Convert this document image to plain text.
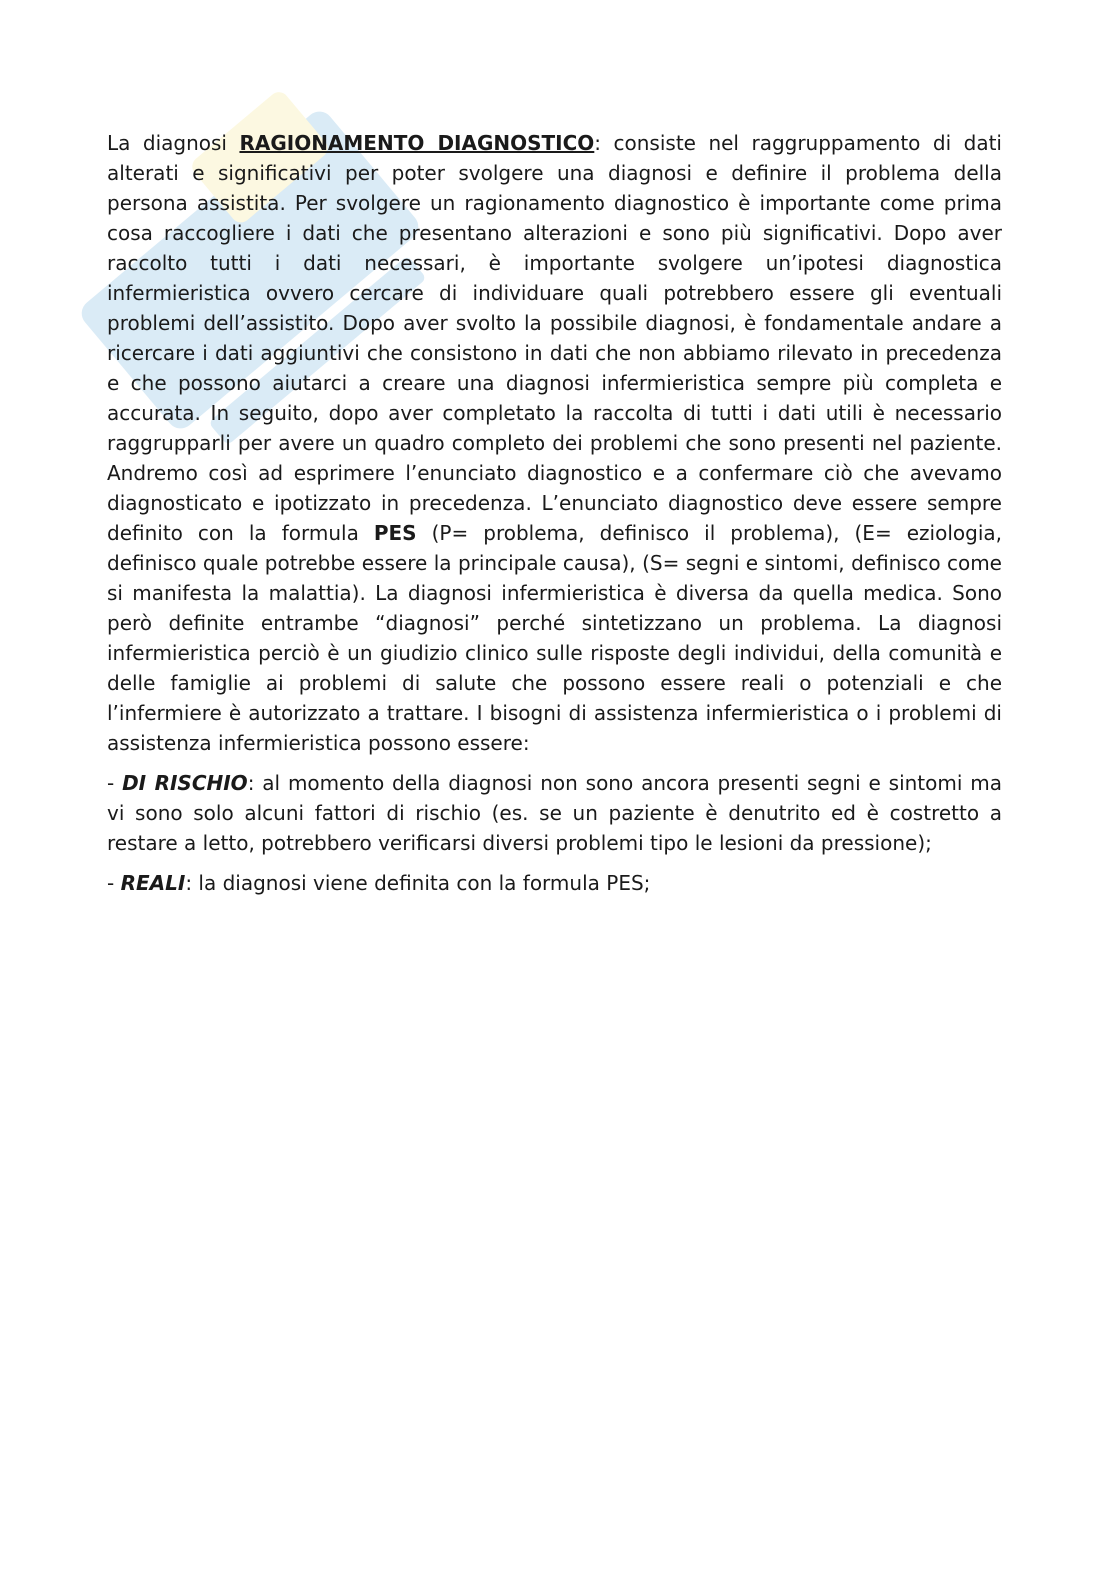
La diagnosi RAGIONAMENTO DIAGNOSTICO: consiste nel raggruppamento di dati alterati e significativi per poter svolgere una diagnosi e definire il problema della persona assistita. Per svolgere un ragionamento diagnostico è importante come prima cosa raccogliere i dati che presentano alterazioni e sono più significativi. Dopo aver raccolto tutti i dati necessari, è importante svolgere un’ipotesi diagnostica infermieristica ovvero cercare di individuare quali potrebbero essere gli eventuali problemi dell’assistito. Dopo aver svolto la possibile diagnosi, è fondamentale andare a ricercare i dati aggiuntivi che consistono in dati che non abbiamo rilevato in precedenza e che possono aiutarci a creare una diagnosi infermieristica sempre più completa e accurata. In seguito, dopo aver completato la raccolta di tutti i dati utili è necessario raggrupparli per avere un quadro completo dei problemi che sono presenti nel paziente. Andremo così ad esprimere l’enunciato diagnostico e a confermare ciò che avevamo diagnosticato e ipotizzato in precedenza. L’enunciato diagnostico deve essere sempre definito con la formula PES (P= problema, definisco il problema), (E= eziologia, definisco quale potrebbe essere la principale causa), (S= segni e sintomi, definisco come si manifesta la malattia). La diagnosi infermieristica è diversa da quella medica. Sono però definite entrambe “diagnosi” perché sintetizzano un problema. La diagnosi infermieristica perciò è un giudizio clinico sulle risposte degli individui, della comunità e delle famiglie ai problemi di salute che possono essere reali o potenziali e che l’infermiere è autorizzato a trattare. I bisogni di assistenza infermieristica o i problemi di assistenza infermieristica possono essere:

- DI RISCHIO: al momento della diagnosi non sono ancora presenti segni e sintomi ma vi sono solo alcuni fattori di rischio (es. se un paziente è denutrito ed è costretto a restare a letto, potrebbero verificarsi diversi problemi tipo le lesioni da pressione);

- REALI: la diagnosi viene definita con la formula PES;
